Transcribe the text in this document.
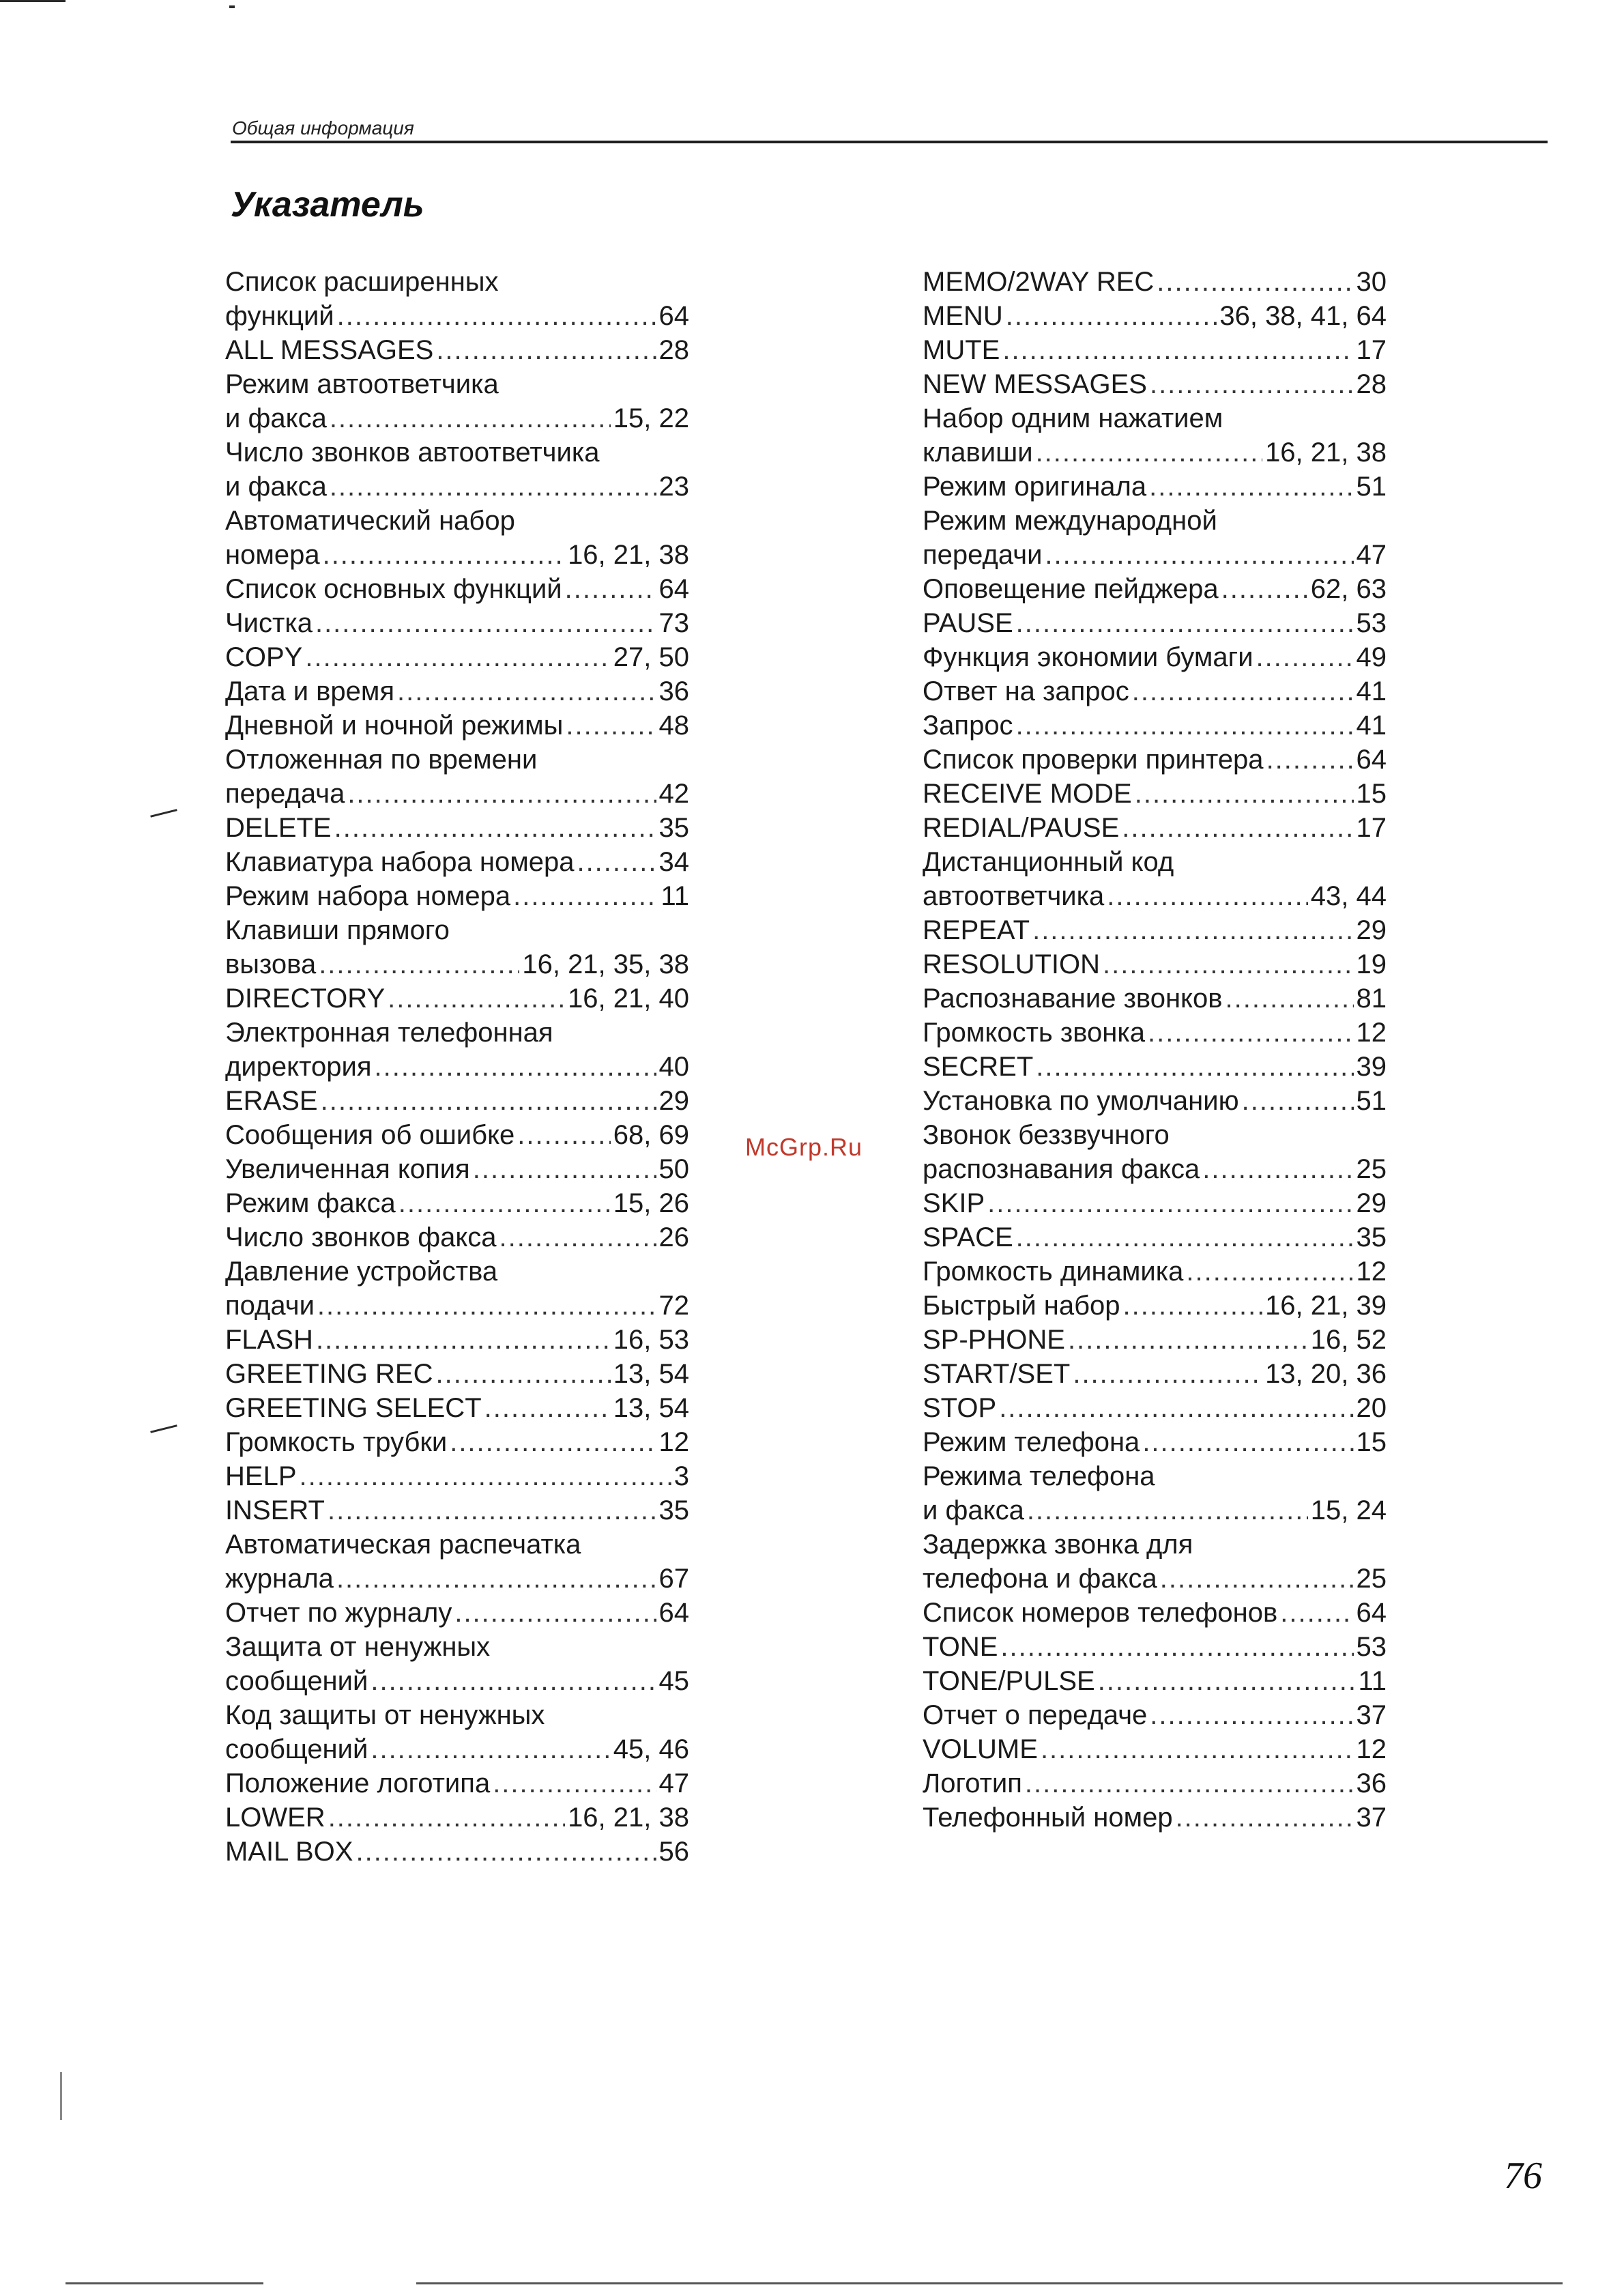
Общая информация
Указатель
Список расширенных
функций .....	64
ALL MESSAGES .....	28
Режим автоответчика
и факса .....	15, 22
Число звонков автоответчика
и факса .....	23
Автоматический набор
номера .....	16, 21, 38
Список основных функций .....	64
Чистка .....	73
COPY .....	27, 50
Дата и время .....	36
Дневной и ночной режимы .....	48
Отложенная по времени
передача .....	42
DELETE .....	35
Клавиатура набора номера .....	34
Режим набора номера .....	11
Клавиши прямого
вызова .....	16, 21, 35, 38
DIRECTORY .....	16, 21, 40
Электронная телефонная
директория .....	40
ERASE .....	29
Сообщения об ошибке .....	68, 69
Увеличенная копия .....	50
Режим факса .....	15, 26
Число звонков факса .....	26
Давление устройства
подачи .....	72
FLASH .....	16, 53
GREETING REC .....	13, 54
GREETING SELECT .....	13, 54
Громкость трубки .....	12
HELP .....	3
INSERT .....	35
Автоматическая распечатка
журнала .....	67
Отчет по журналу .....	64
Защита от ненужных
сообщений .....	45
Код защиты от ненужных
сообщений .....	45, 46
Положение логотипа .....	47
LOWER .....	16, 21, 38
MAIL BOX .....	56
MEMO/2WAY REC .....	30
MENU .....	36, 38, 41, 64
MUTE .....	17
NEW MESSAGES .....	28
Набор одним нажатием
клавиши .....	16, 21, 38
Режим оригинала .....	51
Режим международной
передачи .....	47
Оповещение пейджера .....	62, 63
PAUSE .....	53
Функция экономии бумаги .....	49
Ответ на запрос .....	41
Запрос .....	41
Список проверки принтера .....	64
RECEIVE MODE .....	15
REDIAL/PAUSE .....	17
Дистанционный код
автоответчика .....	43, 44
REPEAT .....	29
RESOLUTION .....	19
Распознавание звонков .....	81
Громкость звонка .....	12
SECRET .....	39
Установка по умолчанию .....	51
Звонок беззвучного
распознавания факса .....	25
SKIP .....	29
SPACE .....	35
Громкость динамика .....	12
Быстрый набор .....	16, 21, 39
SP-PHONE .....	16, 52
START/SET .....	13, 20, 36
STOP .....	20
Режим телефона .....	15
Режима телефона
и факса .....	15, 24
Задержка звонка для
телефона и факса .....	25
Список номеров телефонов .....	64
TONE .....	53
TONE/PULSE .....	11
Отчет о передаче .....	37
VOLUME .....	12
Логотип .....	36
Телефонный номер .....	37
McGrp.Ru
76
